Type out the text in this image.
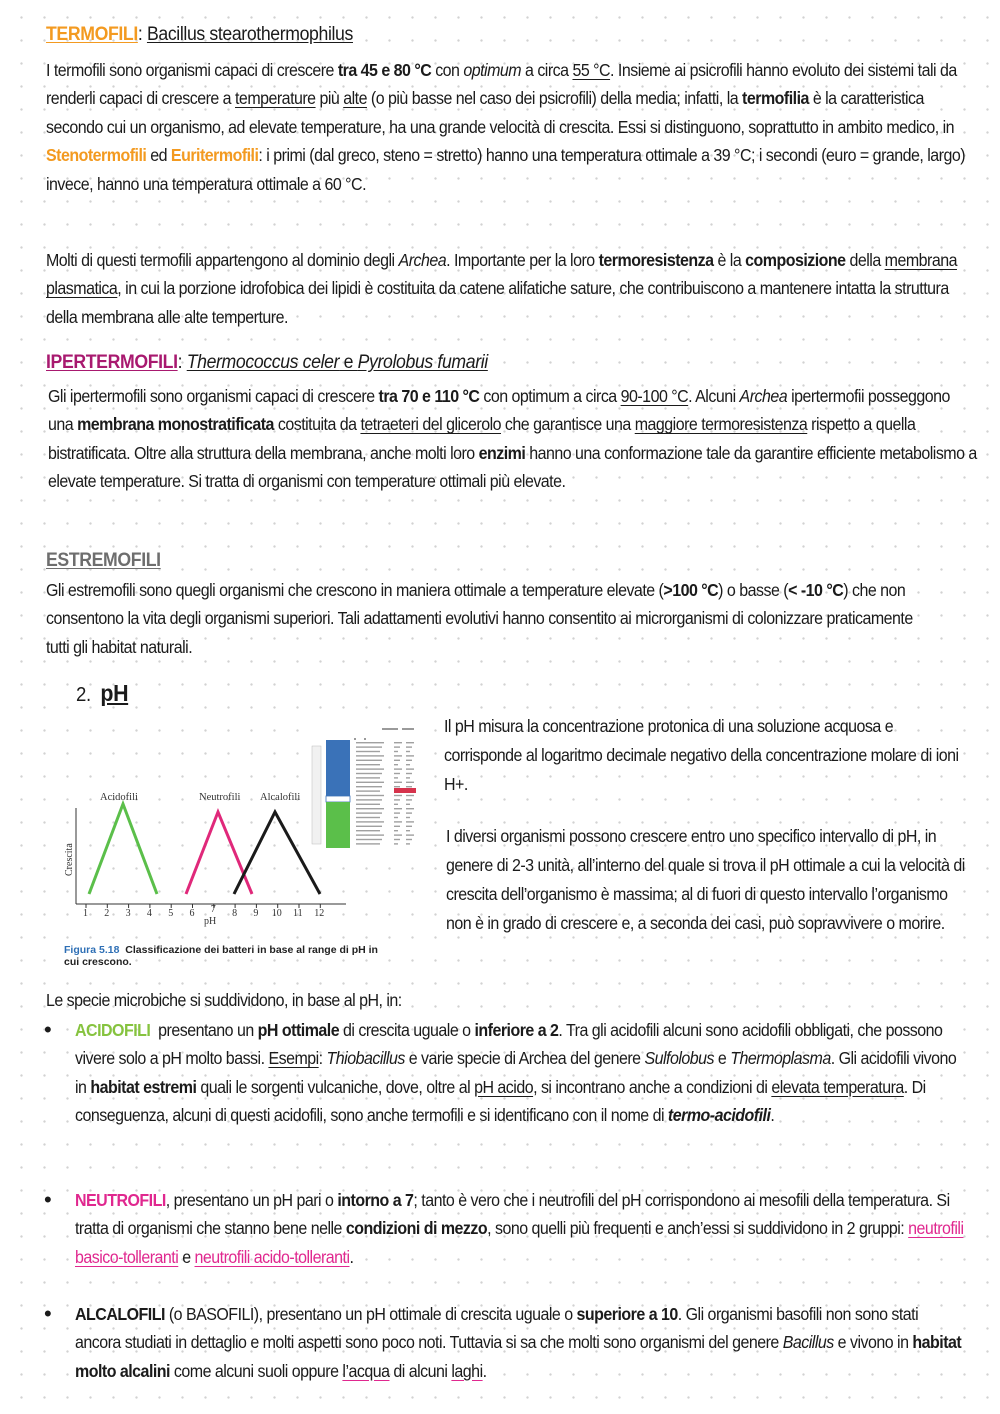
TERMOFILI: Bacillus stearothermophilus
I termofili sono organismi capaci di crescere tra 45 e 80 °C con optimum a circa 55 °C. Insieme ai psicrofili hanno evoluto dei sistemi tali da renderli capaci di crescere a temperature più alte (o più basse nel caso dei psicrofili) della media; infatti, la termofilia è la caratteristica secondo cui un organismo, ad elevate temperature, ha una grande velocità di crescita. Essi si distinguono, soprattutto in ambito medico, in Stenotermofili ed Euritermofili: i primi (dal greco, steno = stretto) hanno una temperatura ottimale a 39 °C; i secondi (euro = grande, largo) invece, hanno una temperatura ottimale a 60 °C.
Molti di questi termofili appartengono al dominio degli Archea. Importante per la loro termoresistenza è la composizione della membrana plasmatica, in cui la porzione idrofobica dei lipidi è costituita da catene alifatiche sature, che contribuiscono a mantenere intatta la struttura della membrana alle alte temperture.
IPERTERMOFILI: Thermococcus celer e Pyrolobus fumarii
Gli ipertermofili sono organismi capaci di crescere tra 70 e 110 °C con optimum a circa 90-100 °C. Alcuni Archea ipertermofii posseggono una membrana monostratificata costituita da tetraeteri del glicerolo che garantisce una maggiore termoresistenza rispetto a quella bistratificata. Oltre alla struttura della membrana, anche molti loro enzimi hanno una conformazione tale da garantire efficiente metabolismo a elevate temperature. Si tratta di organismi con temperature ottimali più elevate.
ESTREMOFILI
Gli estremofili sono quegli organismi che crescono in maniera ottimale a temperature elevate (>100 °C) o basse (< -10 °C) che non consentono la vita degli organismi superiori. Tali adattamenti evolutivi hanno consentito ai microrganismi di colonizzare praticamente tutti gli habitat naturali.
2. pH
Crescita
pH
1 2 3 4 5 6 7 8 9 10 11 12
Acidofili	Neutrofili Alcalofili
Figura 5.18 Classificazione dei batteri in base al range di pH in cui crescono.
Il pH misura la concentrazione protonica di una soluzione acquosa e corrisponde al logaritmo decimale negativo della concentrazione molare di ioni H+.
I diversi organismi possono crescere entro uno specifico intervallo di pH, in genere di 2-3 unità, all’interno del quale si trova il pH ottimale a cui la velocità di crescita dell’organismo è massima; al di fuori di questo intervallo l’organismo non è in grado di crescere e, a seconda dei casi, può sopravvivere o morire.
Le specie microbiche si suddividono, in base al pH, in:
• ACIDOFILI  presentano un pH ottimale di crescita uguale o inferiore a 2. Tra gli acidofili alcuni sono acidofili obbligati, che possono vivere solo a pH molto bassi. Esempi: Thiobacillus e varie specie di Archea del genere Sulfolobus e Thermoplasma. Gli acidofili vivono in habitat estremi quali le sorgenti vulcaniche, dove, oltre al pH acido, si incontrano anche a condizioni di elevata temperatura. Di conseguenza, alcuni di questi acidofili, sono anche termofili e si identificano con il nome di termo-acidofili.
• NEUTROFILI, presentano un pH pari o intorno a 7; tanto è vero che i neutrofili del pH corrispondono ai mesofili della temperatura. Si tratta di organismi che stanno bene nelle condizioni di mezzo, sono quelli più frequenti e anch’essi si suddividono in 2 gruppi: neutrofili basico-tolleranti e neutrofili acido-tolleranti.
• ALCALOFILI (o BASOFILI), presentano un pH ottimale di crescita uguale o superiore a 10. Gli organismi basofili non sono stati ancora studiati in dettaglio e molti aspetti sono poco noti. Tuttavia si sa che molti sono organismi del genere Bacillus e vivono in habitat molto alcalini come alcuni suoli oppure l’acqua di alcuni laghi.
